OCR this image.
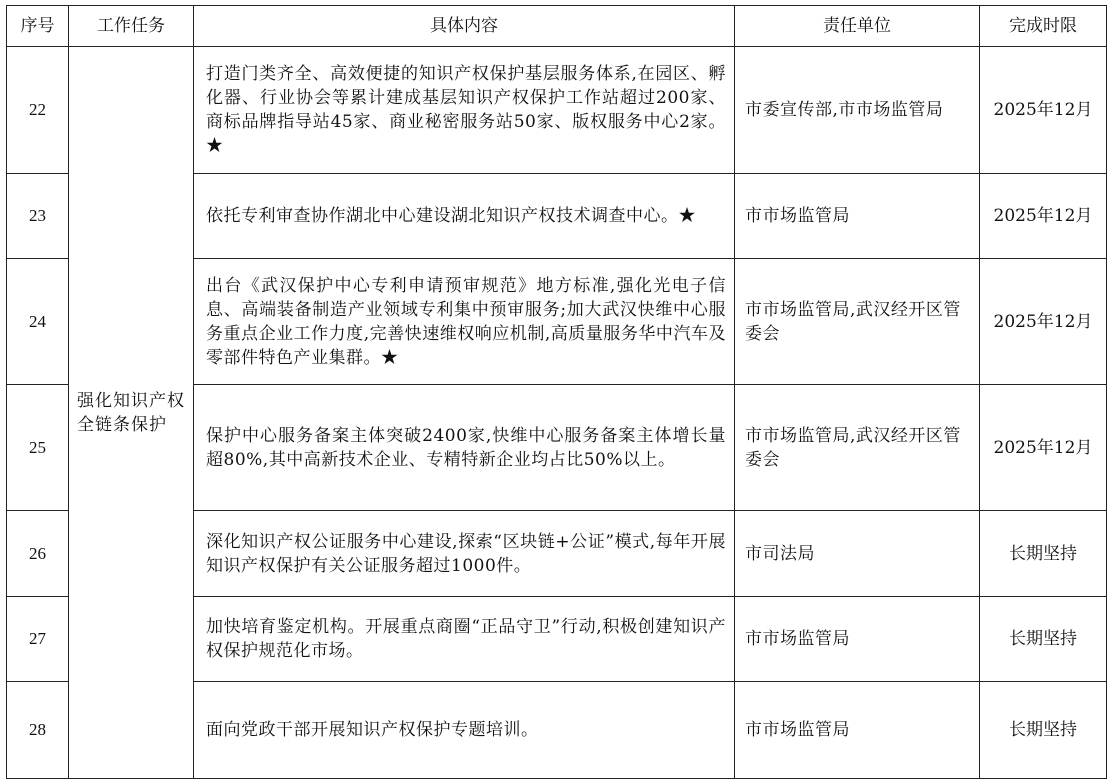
序号	工作任务	具体内容	责任单位	完成时限
22	强化知识产权全链条保护	打造门类齐全、高效便捷的知识产权保护基层服务体系,在园区、孵化器、行业协会等累计建成基层知识产权保护工作站超过200家、商标品牌指导站45家、商业秘密服务站50家、版权服务中心2家。★	市委宣传部,市市场监管局	2025年12月
23		依托专利审查协作湖北中心建设湖北知识产权技术调查中心。★	市市场监管局	2025年12月
24		出台《武汉保护中心专利申请预审规范》地方标准,强化光电子信息、高端装备制造产业领域专利集中预审服务;加大武汉快维中心服务重点企业工作力度,完善快速维权响应机制,高质量服务华中汽车及零部件特色产业集群。★	市市场监管局,武汉经开区管委会	2025年12月
25		保护中心服务备案主体突破2400家,快维中心服务备案主体增长量超80%,其中高新技术企业、专精特新企业均占比50%以上。	市市场监管局,武汉经开区管委会	2025年12月
26		深化知识产权公证服务中心建设,探索“区块链+公证”模式,每年开展知识产权保护有关公证服务超过1000件。	市司法局	长期坚持
27		加快培育鉴定机构。开展重点商圈“正品守卫”行动,积极创建知识产权保护规范化市场。	市市场监管局	长期坚持
28		面向党政干部开展知识产权保护专题培训。	市市场监管局	长期坚持
